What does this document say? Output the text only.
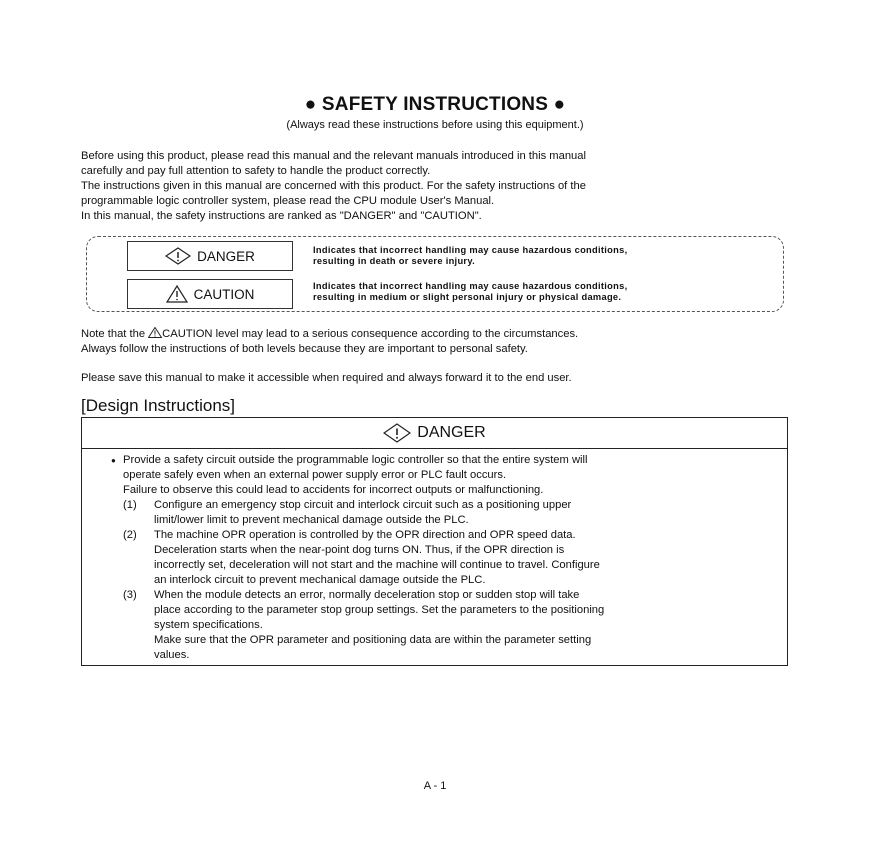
● SAFETY INSTRUCTIONS ●
(Always read these instructions before using this equipment.)
Before using this product, please read this manual and the relevant manuals introduced in this manual
carefully and pay full attention to safety to handle the product correctly.
The instructions given in this manual are concerned with this product. For the safety instructions of the
programmable logic controller system, please read the CPU module User's Manual.
In this manual, the safety instructions are ranked as "DANGER" and "CAUTION".
DANGER	Indicates that incorrect handling may cause hazardous conditions,
resulting in death or severe injury.
CAUTION
Indicates that incorrect handling may cause hazardous conditions,
resulting in medium or slight personal injury or physical damage.
Note that the CAUTION level may lead to a serious consequence according to the circumstances.
Always follow the instructions of both levels because they are important to personal safety.
Please save this manual to make it accessible when required and always forward it to the end user.
[Design Instructions]
DANGER
● Provide a safety circuit outside the programmable logic controller so that the entire system will
operate safely even when an external power supply error or PLC fault occurs.
Failure to observe this could lead to accidents for incorrect outputs or malfunctioning.
(1) Configure an emergency stop circuit and interlock circuit such as a positioning upper
limit/lower limit to prevent mechanical damage outside the PLC.
(2) The machine OPR operation is controlled by the OPR direction and OPR speed data.
Deceleration starts when the near-point dog turns ON. Thus, if the OPR direction is
incorrectly set, deceleration will not start and the machine will continue to travel. Configure
an interlock circuit to prevent mechanical damage outside the PLC.
(3) When the module detects an error, normally deceleration stop or sudden stop will take
place according to the parameter stop group settings. Set the parameters to the positioning
system specifications.
Make sure that the OPR parameter and positioning data are within the parameter setting
values.
A - 1
